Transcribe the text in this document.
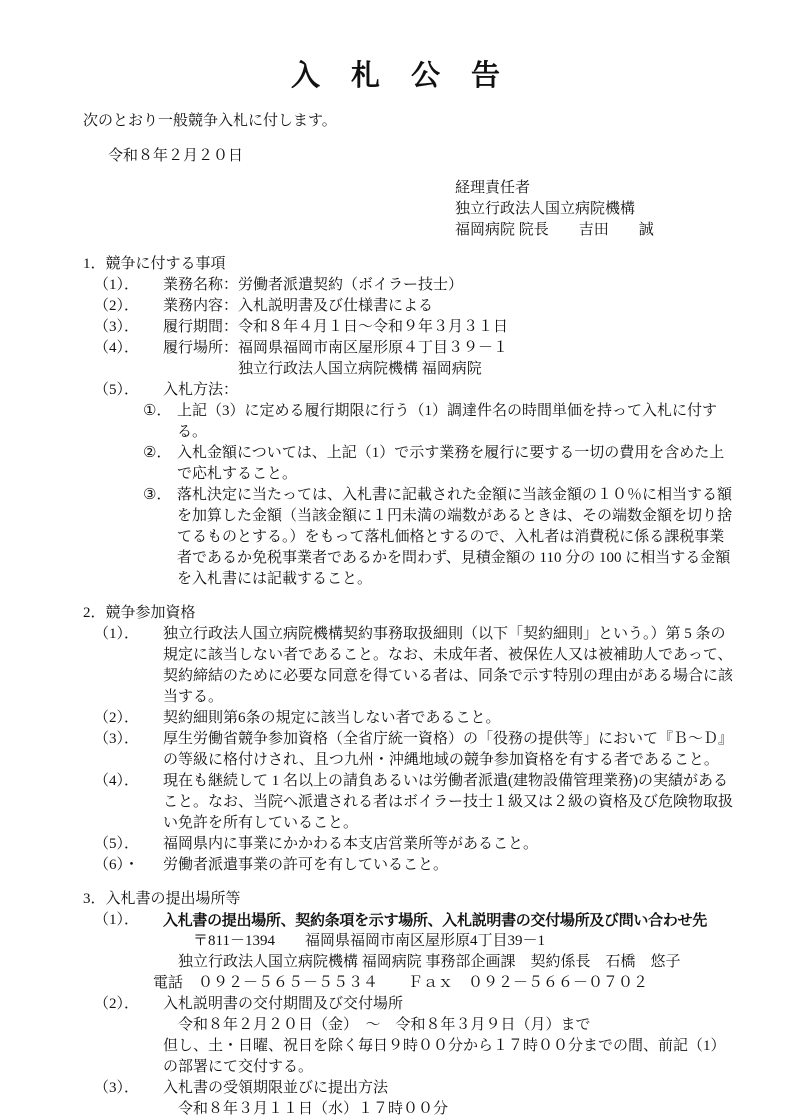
入　札　公　告
次のとおり一般競争入札に付します。
令和８年２月２０日
経理責任者
独立行政法人国立病院機構
福岡病院 院長　　吉田　　誠
1．競争に付する事項
（1）．	業務名称： 労働者派遣契約（ボイラー技士）
（2）．	業務内容： 入札説明書及び仕様書による
（3）．	履行期間： 令和８年４月１日～令和９年３月３１日
（4）．	履行場所： 福岡県福岡市南区屋形原４丁目３９－１
独立行政法人国立病院機構 福岡病院
（5）．	入札方法：
①． 上記（3）に定める履行期限に行う（1）調達件名の時間単価を持って入札に付する。
②． 入札金額については、上記（1）で示す業務を履行に要する一切の費用を含めた上で応札すること。
③． 落札決定に当たっては、入札書に記載された金額に当該金額の１０％に相当する額を加算した金額（当該金額に１円未満の端数があるときは、その端数金額を切り捨てるものとする。）をもって落札価格とするので、入札者は消費税に係る課税事業者であるか免税事業者であるかを問わず、見積金額の 110 分の 100 に相当する金額を入札書には記載すること。
2．競争参加資格
（1）．	独立行政法人国立病院機構契約事務取扱細則（以下「契約細則」という。）第 5 条の規定に該当しない者であること。なお、未成年者、被保佐人又は被補助人であって、契約締結のために必要な同意を得ている者は、同条で示す特別の理由がある場合に該当する。
（2）．	契約細則第6条の規定に該当しない者であること。
（3）．	厚生労働省競争参加資格（全省庁統一資格）の「役務の提供等」において『Ｂ～Ｄ』の等級に格付けされ、且つ九州・沖縄地域の競争参加資格を有する者であること。
（4）．	現在も継続して 1 名以上の請負あるいは労働者派遣(建物設備管理業務)の実績があること。なお、当院へ派遣される者はボイラー技士１級又は２級の資格及び危険物取扱い免許を所有していること。
（5）．	福岡県内に事業にかかわる本支店営業所等があること。
（6）・	労働者派遣事業の許可を有していること。
3．入札書の提出場所等
（1）．	入札書の提出場所、契約条項を示す場所、入札説明書の交付場所及び問い合わせ先
〒811－1394　　福岡県福岡市南区屋形原4丁目39－1
独立行政法人国立病院機構 福岡病院 事務部企画課　契約係長　石橋　悠子
電話　０９２－５６５－５５３４　　Ｆａｘ　０９２－５６６－０７０２
（2）．	入札説明書の交付期間及び交付場所
令和８年２月２０日（金）　～　令和８年３月９日（月）まで
但し、土・日曜、祝日を除く毎日９時００分から１７時００分までの間、前記（1）の部署にて交付する。
（3）．	入札書の受領期限並びに提出方法
令和８年３月１１日（水）１７時００分
